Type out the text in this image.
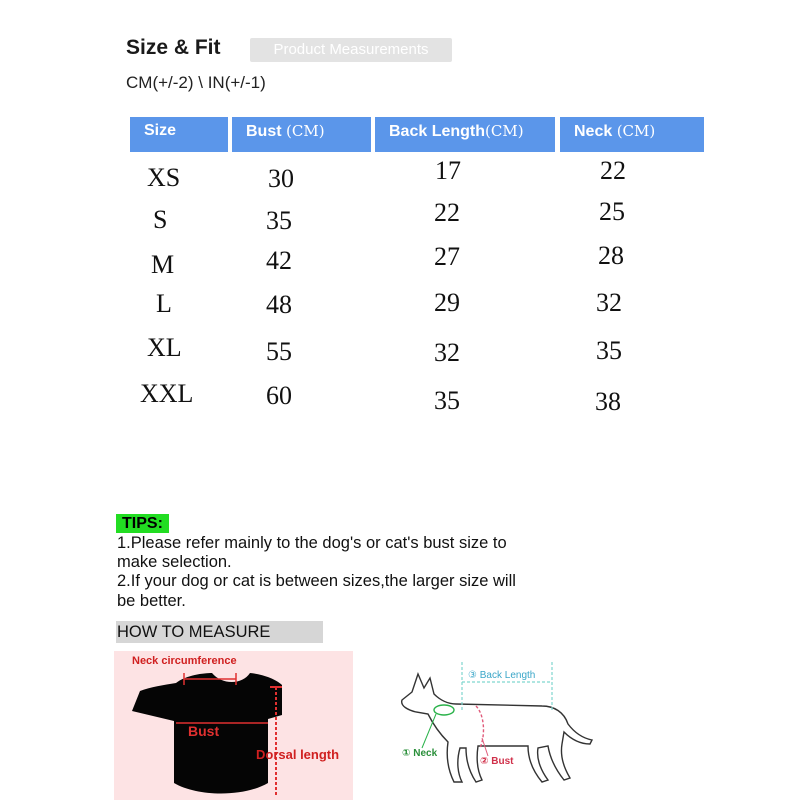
Size & Fit	Product Measurements
CM(+/-2) \ IN(+/-1)
Size	Bust (CM)	Back Length(CM)	Neck (CM)
XS	30	17	22
S	35	22	25
M	42	27	28
L	48	29	32
XL	55	32	35
XXL	60	35	38
TIPS:
1.Please refer mainly to the dog's or cat's bust size to
make selection.
2.If your dog or cat is between sizes,the larger size will
be better.
HOW TO MEASURE
Neck circumference
Bust
Dorsal length
③ Back Length
① Neck
② Bust
